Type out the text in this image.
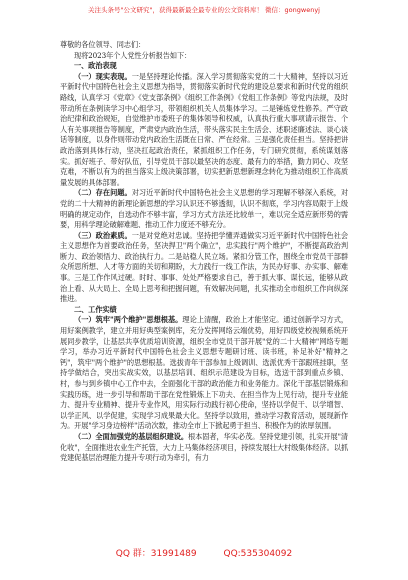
关注头条号"公文研究"，获得最新最全最专业的公文资料库！ 微信：gongwenyj

尊敬的各位领导、同志们：

现将2023年个人党性分析报告如下：

一、政治表现

（一）现实表现。一是坚持理论传播。深入学习贯彻落实党的二十大精神，坚持以习近平新时代中国特色社会主义思想为指导，贯彻落实新时代党的建设总要求和新时代党的组织路线，认真学习《党章》《党支部条例》《组织工作条例》《党组工作条例》等党内法规，及时带动所在条例读学习中心组学习，带领组织机关人员集体学习。二是锤炼党性修养。严守政治纪律和政治规矩，自觉维护市委班子的集体领导和权威，认真执行重大事项请示报告、个人有关事项报告等制度，严肃党内政治生活，带头落实民主生活会、述职述廉述法、谈心谈话等制度，以身作则带动党内政治生活既在日常、严在经常。三是强化责任担当。坚持把讲政治落到具体行动，坚决扛起政治责任，紧抓组织工作任务，专门研究贯彻，系统谋划落实。抓好班子、带好队伍，引导党员干部以最坚决的态度、最有力的举措，勤力同心、攻坚克难，不断以有为的担当落实上级决策部署，切实把新思想新理念转化为推动组织工作高质量发展的具体部署。

（二）存在问题。对习近平新时代中国特色社会主义思想的学习理解不够深入系统，对党的二十大精神的新理论新思想的学习认识还不够透彻，认识不彻底，学习内容局限于上级明确的规定动作，自选动作不够丰富，学习方式方法还比较单一，难以完全适应新形势的需要，用科学理论破解难题、推动工作力度还不够充分。

（三）政治素质。一是对党绝对忠诚。坚持把学懂弄通做实习近平新时代中国特色社会主义思想作为首要政治任务，坚决捍卫"两个确立"，忠实践行"两个维护"，不断提高政治判断力、政治领悟力、政治执行力。二是站稳人民立场。紧扣分管工作，围绕全市党员干部群众所思所想、人才等方面的关切和期盼，大力践行一线工作法，为民办好事、办实事、解难事。三是工作作风过硬。时时、事事、处处严格要求自己，善于抓大事、谋长远，能够从政治上看、从大局上、全局上思考和把握问题，有效解决问题，扎实推动全市组织工作向纵深推进。

二、工作实绩

（一）筑牢"两个维护"思想根基。理论上清醒，政治上才能坚定。通过创新学习方式，用好案例教学，建立并用好典型案例库，充分发挥网络云端优势，用好四级党校视频系统开展同步教学，让基层共享优质培训资源，组织全市党员干部开展"党的二十大精神"网络专题学习，举办习近平新时代中国特色社会主义思想专题研讨班、读书班，补足补好"精神之钙"，筑牢"两个维护"的思想根基。选拔青年干部参加上级调训、选派优秀干部跟班挂职，坚持学做结合，突出实战实效，以基层培训、组织示范建设为目标，选送干部到重点乡镇、村，参与到乡镇中心工作中去，全面强化干部的政治能力和业务能力。深化干部基层锻炼和实践历练，进一步引导和帮助干部在党性锻炼上下功夫、在担当作为上见行动，提升专业能力、提升专业精神、提升专业作风，用实际行动践行初心使命，坚持以学促干、以学增智、以学正风、以学促建，实现学习成果最大化。坚持学以致用，推动学习教育活动，展现新作为。开展"学习身边榜样"活动次数，推动全市上下掀起勇于担当、积极作为的浓厚氛围。

（二）全面加强党的基层组织建设。根本固者，华实必茂。坚持党建引领，扎实开展"清化收"，全面推进农业生产托管，大力上马集体经济项目，持续发展壮大村级集体经济。以抓党建促基层治理能力提升专项行动为牵引，有力

QQ 群：31991489	QQ:535304092
